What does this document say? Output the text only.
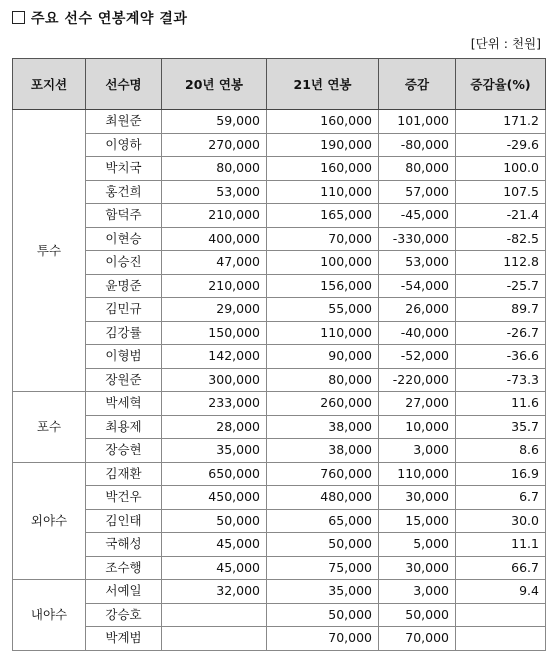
주요 선수 연봉계약 결과
[단위 : 천원]
포지션	선수명	20년 연봉	21년 연봉	증감	증감율(%)
투수	최원준	59,000	160,000	101,000	171.2
	이영하	270,000	190,000	-80,000	-29.6
	박치국	80,000	160,000	80,000	100.0
	홍건희	53,000	110,000	57,000	107.5
	함덕주	210,000	165,000	-45,000	-21.4
	이현승	400,000	70,000	-330,000	-82.5
	이승진	47,000	100,000	53,000	112.8
	윤명준	210,000	156,000	-54,000	-25.7
	김민규	29,000	55,000	26,000	89.7
	김강률	150,000	110,000	-40,000	-26.7
	이형범	142,000	90,000	-52,000	-36.6
	장원준	300,000	80,000	-220,000	-73.3
포수	박세혁	233,000	260,000	27,000	11.6
	최용제	28,000	38,000	10,000	35.7
	장승현	35,000	38,000	3,000	8.6
외야수	김재환	650,000	760,000	110,000	16.9
	박건우	450,000	480,000	30,000	6.7
	김인태	50,000	65,000	15,000	30.0
	국해성	45,000	50,000	5,000	11.1
	조수행	45,000	75,000	30,000	66.7
내야수	서예일	32,000	35,000	3,000	9.4
	강승호		50,000	50,000	
	박계범		70,000	70,000	
